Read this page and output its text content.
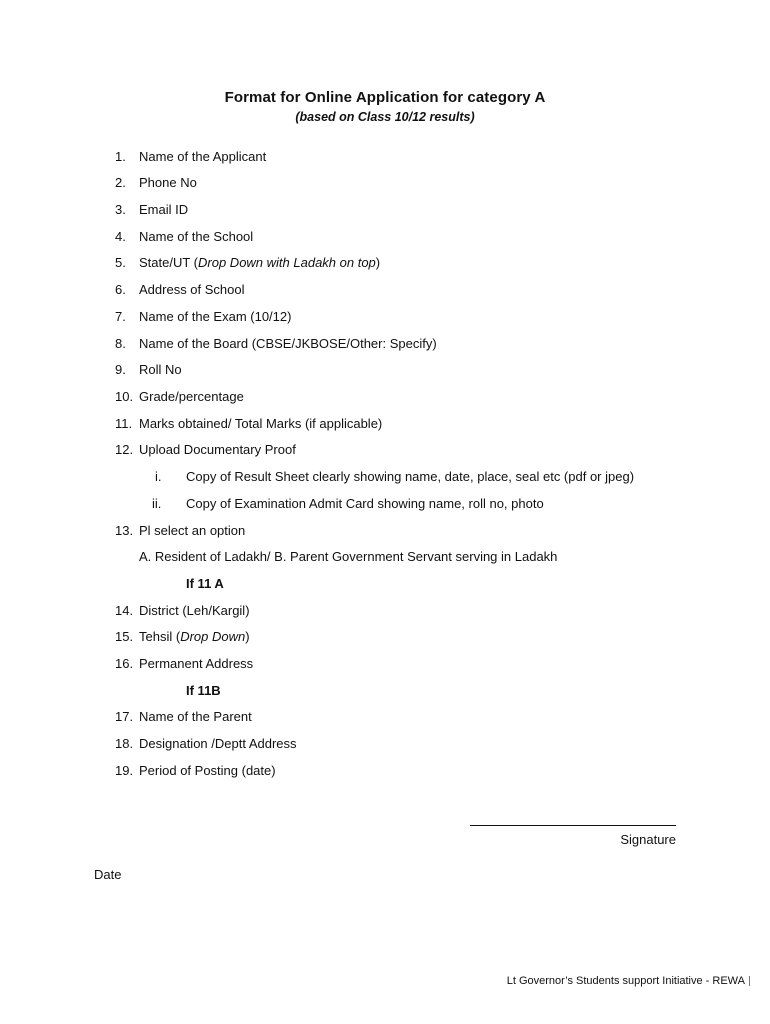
Format for Online Application for category A
(based on Class 10/12 results)
1. Name of the Applicant
2. Phone No
3. Email ID
4. Name of the School
5. State/UT (Drop Down with Ladakh on top)
6. Address of School
7. Name of the Exam (10/12)
8. Name of the Board (CBSE/JKBOSE/Other: Specify)
9. Roll No
10. Grade/percentage
11. Marks obtained/ Total Marks (if applicable)
12. Upload Documentary Proof
i. Copy of Result Sheet clearly showing name, date, place, seal etc (pdf or jpeg)
ii. Copy of Examination Admit Card showing name, roll no, photo
13. Pl select an option
A. Resident of Ladakh/ B. Parent Government Servant serving in Ladakh
If 11 A
14. District (Leh/Kargil)
15. Tehsil (Drop Down)
16. Permanent Address
If 11B
17. Name of the Parent
18. Designation /Deptt Address
19. Period of Posting (date)
Signature
Date
Lt Governor’s Students support Initiative - REWA
